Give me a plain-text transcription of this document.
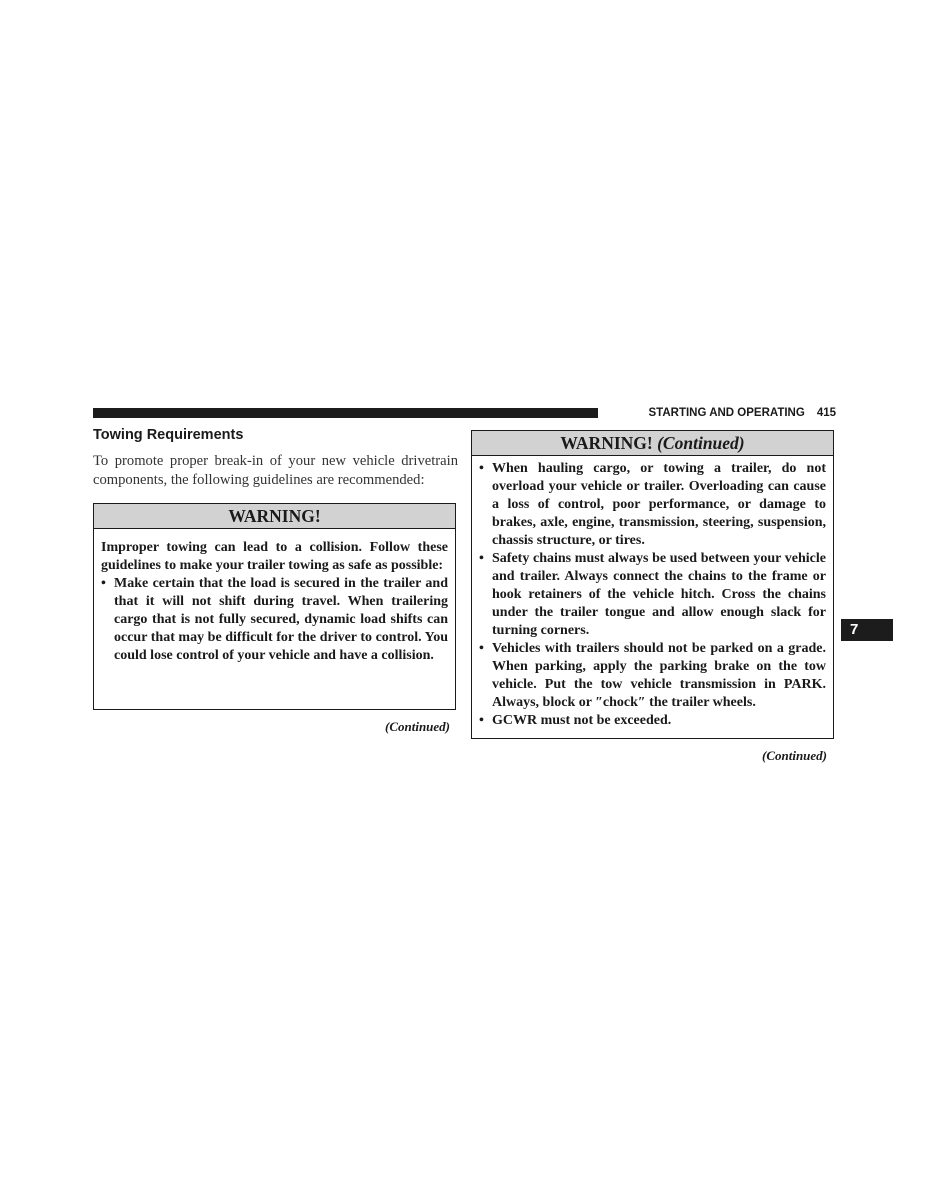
STARTING AND OPERATING 415
Towing Requirements
To promote proper break-in of your new vehicle drivetrain components, the following guidelines are recommended:
WARNING!
Improper towing can lead to a collision. Follow these guidelines to make your trailer towing as safe as possible:
• Make certain that the load is secured in the trailer and that it will not shift during travel. When trailering cargo that is not fully secured, dynamic load shifts can occur that may be difficult for the driver to control. You could lose control of your vehicle and have a collision.
(Continued)
WARNING! (Continued)
• When hauling cargo, or towing a trailer, do not overload your vehicle or trailer. Overloading can cause a loss of control, poor performance, or damage to brakes, axle, engine, transmission, steering, suspension, chassis structure, or tires.
• Safety chains must always be used between your vehicle and trailer. Always connect the chains to the frame or hook retainers of the vehicle hitch. Cross the chains under the trailer tongue and allow enough slack for turning corners.
• Vehicles with trailers should not be parked on a grade. When parking, apply the parking brake on the tow vehicle. Put the tow vehicle transmission in PARK. Always, block or ″chock″ the trailer wheels.
• GCWR must not be exceeded.
(Continued)
7
